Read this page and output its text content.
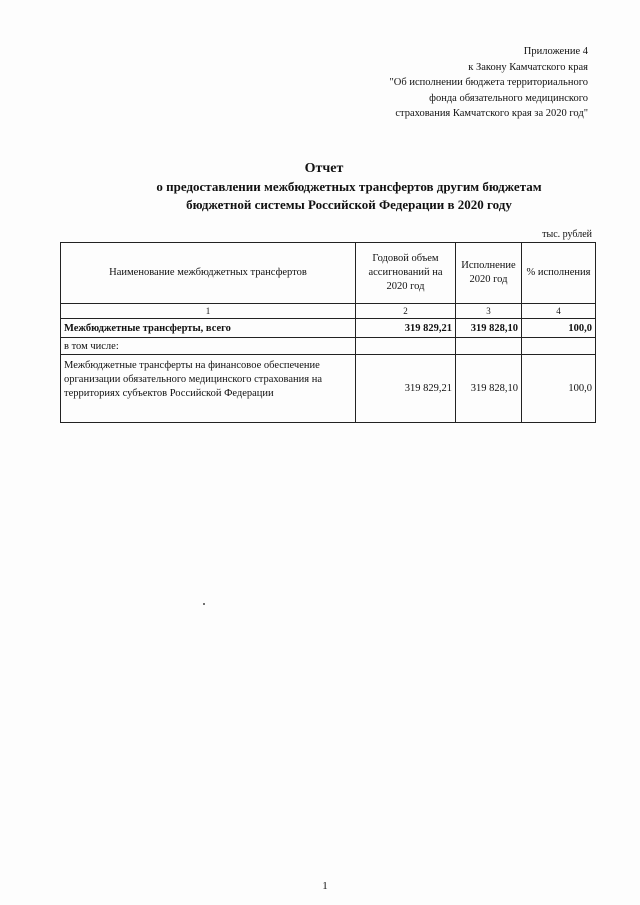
Приложение 4
к Закону Камчатского края
"Об исполнении бюджета территориального
фонда обязательного медицинского
страхования Камчатского края за 2020 год"
Отчет
о предоставлении межбюджетных трансфертов другим бюджетам
бюджетной системы Российской Федерации в 2020 году
тыс. рублей
Наименование межбюджетных трансфертов	Годовой объем ассигнований на 2020 год	Исполнение 2020 год	% исполнения
1	2	3	4
Межбюджетные трансферты, всего	319 829,21	319 828,10	100,0
в том числе:			
Межбюджетные трансферты на финансовое обеспечение организации обязательного медицинского страхования на территориях субъектов Российской Федерации	319 829,21	319 828,10	100,0
1
